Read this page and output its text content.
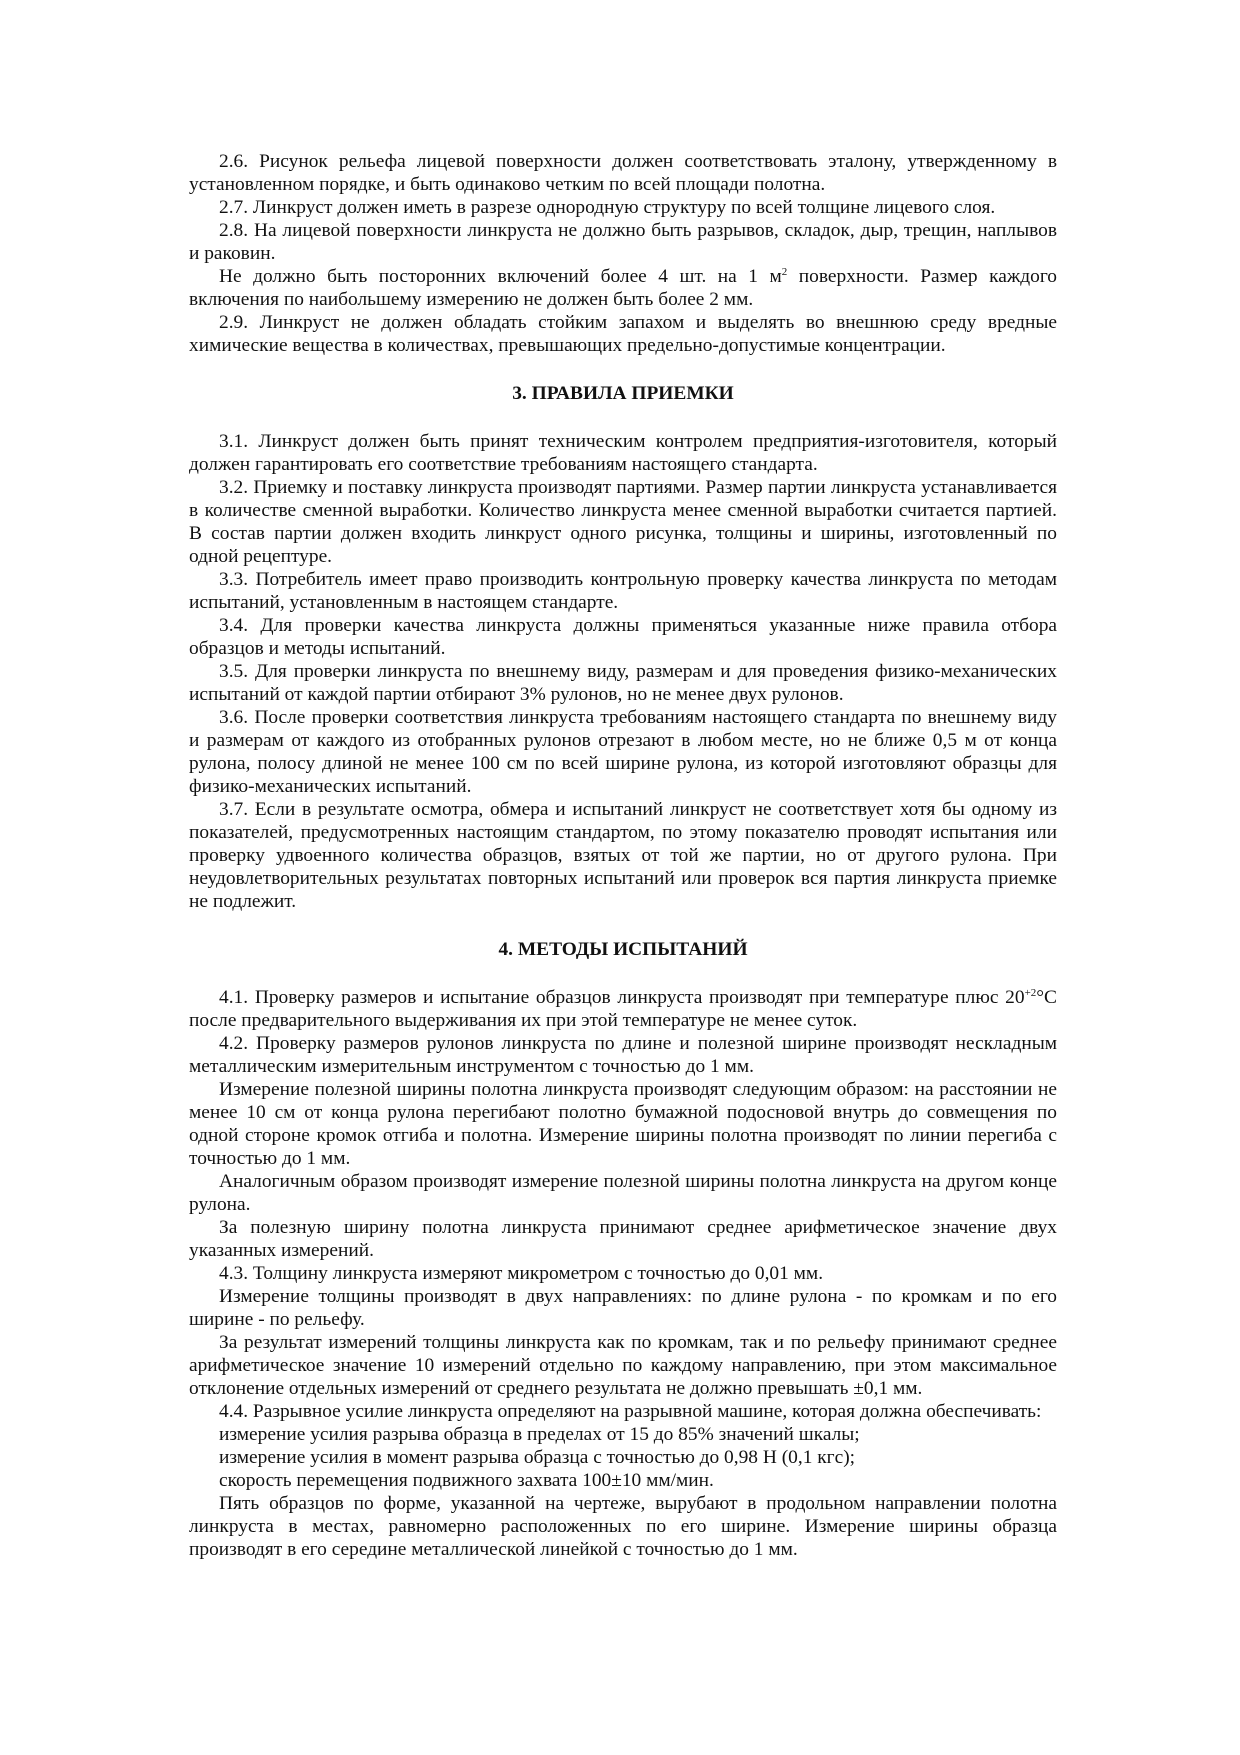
2.6. Рисунок рельефа лицевой поверхности должен соответствовать эталону, утвержденному в установленном порядке, и быть одинаково четким по всей площади полотна.

2.7. Линкруст должен иметь в разрезе однородную структуру по всей толщине лицевого слоя.

2.8. На лицевой поверхности линкруста не должно быть разрывов, складок, дыр, трещин, наплывов и раковин.

Не должно быть посторонних включений более 4 шт. на 1 $м^2$ поверхности. Размер каждого включения по наибольшему измерению не должен быть более 2 мм.

2.9. Линкруст не должен обладать стойким запахом и выделять во внешнюю среду вредные химические вещества в количествах, превышающих предельно-допустимые концентрации.

3. ПРАВИЛА ПРИЕМКИ

3.1. Линкруст должен быть принят техническим контролем предприятия-изготовителя, который должен гарантировать его соответствие требованиям настоящего стандарта.

3.2. Приемку и поставку линкруста производят партиями. Размер партии линкруста устанавливается в количестве сменной выработки. Количество линкруста менее сменной выработки считается партией. В состав партии должен входить линкруст одного рисунка, толщины и ширины, изготовленный по одной рецептуре.

3.3. Потребитель имеет право производить контрольную проверку качества линкруста по методам испытаний, установленным в настоящем стандарте.

3.4. Для проверки качества линкруста должны применяться указанные ниже правила отбора образцов и методы испытаний.

3.5. Для проверки линкруста по внешнему виду, размерам и для проведения физико-механических испытаний от каждой партии отбирают 3% рулонов, но не менее двух рулонов.

3.6. После проверки соответствия линкруста требованиям настоящего стандарта по внешнему виду и размерам от каждого из отобранных рулонов отрезают в любом месте, но не ближе 0,5 м от конца рулона, полосу длиной не менее 100 см по всей ширине рулона, из которой изготовляют образцы для физико-механических испытаний.

3.7. Если в результате осмотра, обмера и испытаний линкруст не соответствует хотя бы одному из показателей, предусмотренных настоящим стандартом, по этому показателю проводят испытания или проверку удвоенного количества образцов, взятых от той же партии, но от другого рулона. При неудовлетворительных результатах повторных испытаний или проверок вся партия линкруста приемке не подлежит.

4. МЕТОДЫ ИСПЫТАНИЙ

4.1. Проверку размеров и испытание образцов линкруста производят при температуре плюс $20^{+2}^\circ С$ после предварительного выдерживания их при этой температуре не менее суток.

4.2. Проверку размеров рулонов линкруста по длине и полезной ширине производят нескладным металлическим измерительным инструментом с точностью до 1 мм.

Измерение полезной ширины полотна линкруста производят следующим образом: на расстоянии не менее 10 см от конца рулона перегибают полотно бумажной подосновой внутрь до совмещения по одной стороне кромок отгиба и полотна. Измерение ширины полотна производят по линии перегиба с точностью до 1 мм.

Аналогичным образом производят измерение полезной ширины полотна линкруста на другом конце рулона.

За полезную ширину полотна линкруста принимают среднее арифметическое значение двух указанных измерений.

4.3. Толщину линкруста измеряют микрометром с точностью до 0,01 мм.

Измерение толщины производят в двух направлениях: по длине рулона - по кромкам и по его ширине - по рельефу.

За результат измерений толщины линкруста как по кромкам, так и по рельефу принимают среднее арифметическое значение 10 измерений отдельно по каждому направлению, при этом максимальное отклонение отдельных измерений от среднего результата не должно превышать ±0,1 мм.

4.4. Разрывное усилие линкруста определяют на разрывной машине, которая должна обеспечивать:

измерение усилия разрыва образца в пределах от 15 до 85% значений шкалы;

измерение усилия в момент разрыва образца с точностью до 0,98 Н (0,1 кгс);

скорость перемещения подвижного захвата 100±10 мм/мин.

Пять образцов по форме, указанной на чертеже, вырубают в продольном направлении полотна линкруста в местах, равномерно расположенных по его ширине. Измерение ширины образца производят в его середине металлической линейкой с точностью до 1 мм.
